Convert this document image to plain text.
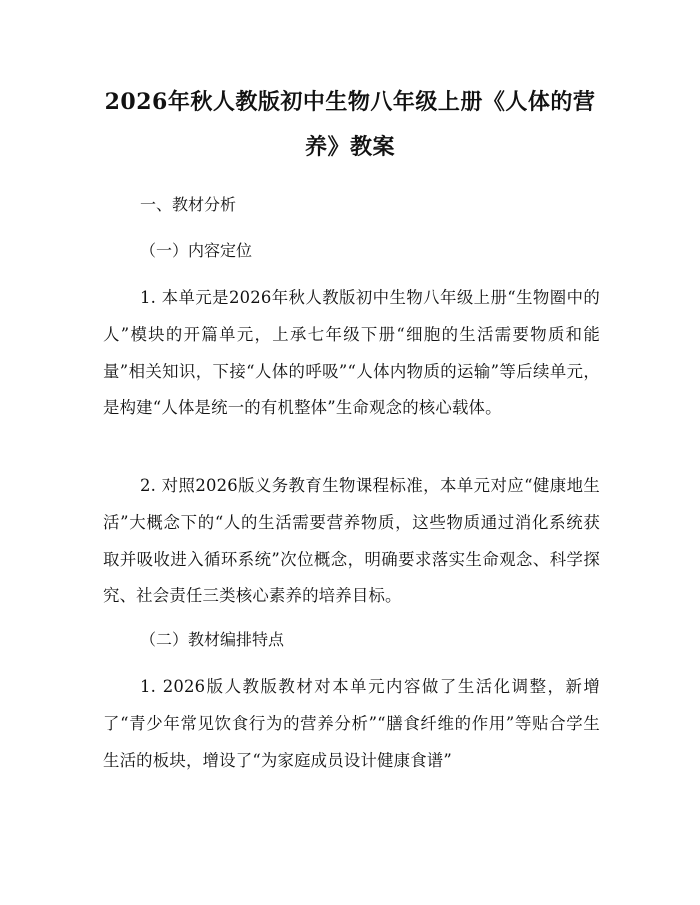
2026年秋人教版初中生物八年级上册《人体的营养》教案

一、教材分析

（一）内容定位

1. 本单元是2026年秋人教版初中生物八年级上册“生物圈中的人”模块的开篇单元，上承七年级下册“细胞的生活需要物质和能量”相关知识，下接“人体的呼吸”“人体内物质的运输”等后续单元，是构建“人体是统一的有机整体”生命观念的核心载体。

2. 对照2026版义务教育生物课程标准，本单元对应“健康地生活”大概念下的“人的生活需要营养物质，这些物质通过消化系统获取并吸收进入循环系统”次位概念，明确要求落实生命观念、科学探究、社会责任三类核心素养的培养目标。

（二）教材编排特点

1. 2026版人教版教材对本单元内容做了生活化调整，新增了“青少年常见饮食行为的营养分析”“膳食纤维的作用”等贴合学生生活的板块，增设了“为家庭成员设计健康食谱”
